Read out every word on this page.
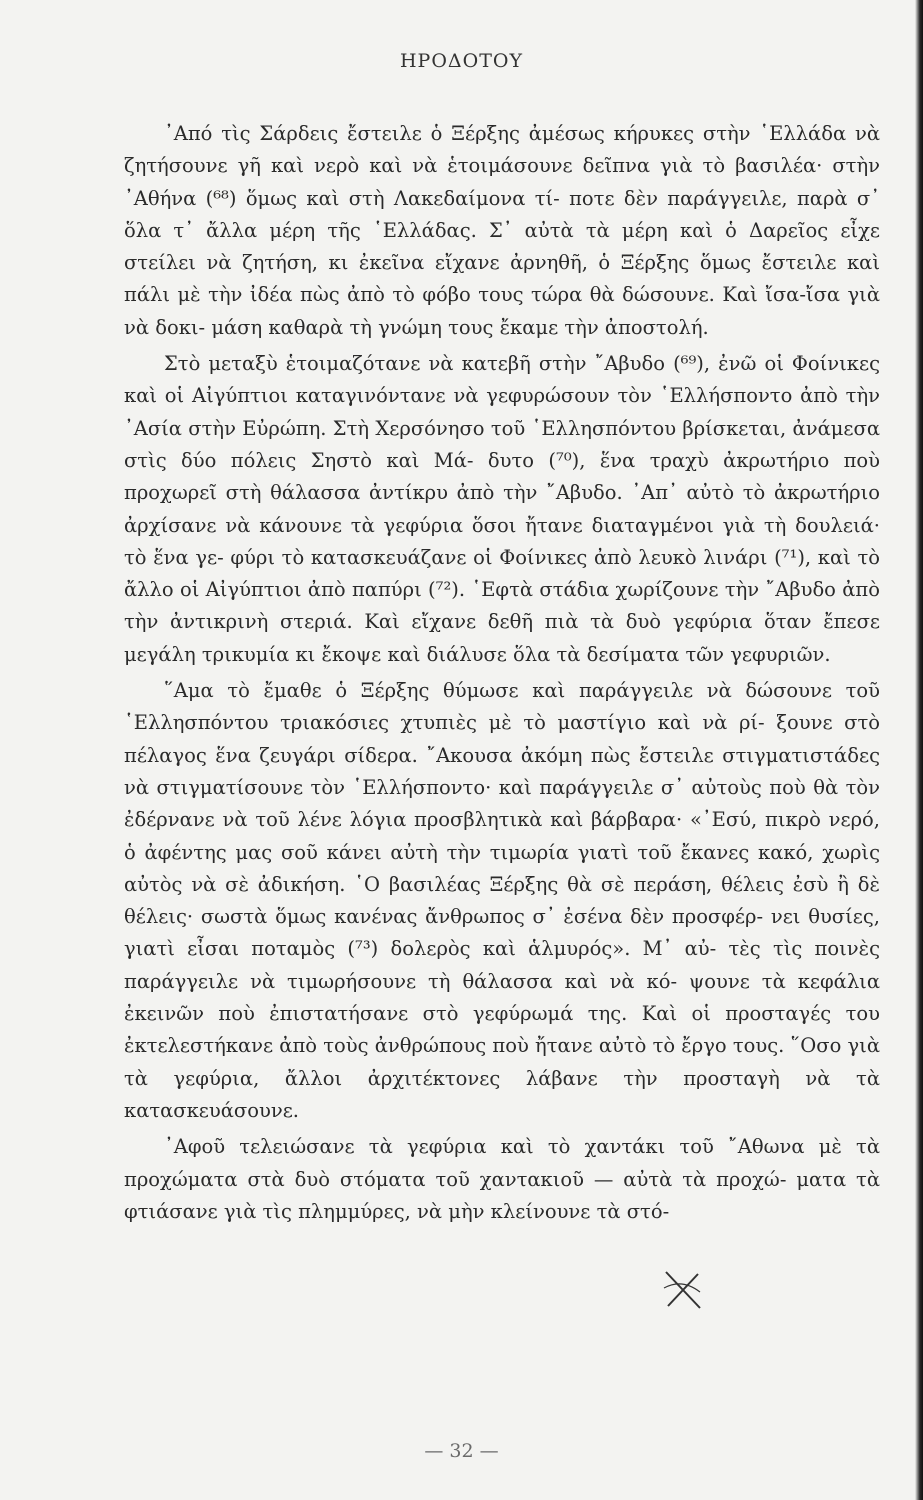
ΗΡΟΔΟΤΟΥ

᾿Από τὶς Σάρδεις ἔστειλε ὁ Ξέρξης ἀμέσως κήρυκες στὴν ῾Ελλάδα νὰ ζητήσουνε γῆ καὶ νερὸ καὶ νὰ ἑτοιμάσουνε δεῖπνα γιὰ τὸ βασιλέα· στὴν ᾿Αθήνα (⁶⁸) ὅμως καὶ στὴ Λακεδαίμονα τί- ποτε δὲν παράγγειλε, παρὰ σ᾿ ὅλα τ᾿ ἄλλα μέρη τῆς ῾Ελλάδας. Σ᾿ αὐτὰ τὰ μέρη καὶ ὁ Δαρεῖος εἶχε στείλει νὰ ζητήση, κι ἐκεῖνα εἴχανε ἀρνηθῆ, ὁ Ξέρξης ὅμως ἔστειλε καὶ πάλι μὲ τὴν ἰδέα πὼς ἀπὸ τὸ φόβο τους τώρα θὰ δώσουνε. Καὶ ἴσα-ἴσα γιὰ νὰ δοκι- μάση καθαρὰ τὴ γνώμη τους ἔκαμε τὴν ἀποστολή.

Στὸ μεταξὺ ἑτοιμαζότανε νὰ κατεβῆ στὴν ῎Αβυδο (⁶⁹), ἐνῶ οἱ Φοίνικες καὶ οἱ Αἰγύπτιοι καταγινόντανε νὰ γεφυρώσουν τὸν ῾Ελλήσποντο ἀπὸ τὴν ᾿Ασία στὴν Εὐρώπη. Στὴ Χερσόνησο τοῦ ῾Ελλησπόντου βρίσκεται, ἀνάμεσα στὶς δύο πόλεις Σηστὸ καὶ Μά- δυτο (⁷⁰), ἕνα τραχὺ ἀκρωτήριο ποὺ προχωρεῖ στὴ θάλασσα ἀντίκρυ ἀπὸ τὴν ῎Αβυδο. ᾿Απ᾿ αὐτὸ τὸ ἀκρωτήριο ἀρχίσανε νὰ κάνουνε τὰ γεφύρια ὅσοι ἤτανε διαταγμένοι γιὰ τὴ δουλειά· τὸ ἕνα γε- φύρι τὸ κατασκευάζανε οἱ Φοίνικες ἀπὸ λευκὸ λινάρι (⁷¹), καὶ τὸ ἄλλο οἱ Αἰγύπτιοι ἀπὸ παπύρι (⁷²). ῾Εφτὰ στάδια χωρίζουνε τὴν ῎Αβυδο ἀπὸ τὴν ἀντικρινὴ στεριά. Καὶ εἴχανε δεθῆ πιὰ τὰ δυὸ γεφύρια ὅταν ἔπεσε μεγάλη τρικυμία κι ἔκοψε καὶ διάλυσε ὅλα τὰ δεσίματα τῶν γεφυριῶν.

῞Αμα τὸ ἔμαθε ὁ Ξέρξης θύμωσε καὶ παράγγειλε νὰ δώσουνε τοῦ ῾Ελλησπόντου τριακόσιες χτυπιὲς μὲ τὸ μαστίγιο καὶ νὰ ρί- ξουνε στὸ πέλαγος ἕνα ζευγάρι σίδερα. ῎Ακουσα ἀκόμη πὼς ἔστειλε στιγματιστάδες νὰ στιγματίσουνε τὸν ῾Ελλήσποντο· καὶ παράγγειλε σ᾿ αὐτοὺς ποὺ θὰ τὸν ἐδέρνανε νὰ τοῦ λένε λόγια προσβλητικὰ καὶ βάρβαρα· «᾿Εσύ, πικρὸ νερό, ὁ ἀφέντης μας σοῦ κάνει αὐτὴ τὴν τιμωρία γιατὶ τοῦ ἔκανες κακό, χωρὶς αὐτὸς νὰ σὲ ἀδικήση. ῾Ο βασιλέας Ξέρξης θὰ σὲ περάση, θέλεις ἐσὺ ἢ δὲ θέλεις· σωστὰ ὅμως κανένας ἄνθρωπος σ᾿ ἐσένα δὲν προσφέρ- νει θυσίες, γιατὶ εἶσαι ποταμὸς (⁷³) δολερὸς καὶ ἁλμυρός». Μ᾿ αὐ- τὲς τὶς ποινὲς παράγγειλε νὰ τιμωρήσουνε τὴ θάλασσα καὶ νὰ κό- ψουνε τὰ κεφάλια ἐκεινῶν ποὺ ἐπιστατήσανε στὸ γεφύρωμά της. Καὶ οἱ προσταγές του ἐκτελεστήκανε ἀπὸ τοὺς ἀνθρώπους ποὺ ἤτανε αὐτὸ τὸ ἔργο τους. ῞Οσο γιὰ τὰ γεφύρια, ἄλλοι ἀρχιτέκτονες λάβανε τὴν προσταγὴ νὰ τὰ κατασκευάσουνε.

᾿Αφοῦ τελειώσανε τὰ γεφύρια καὶ τὸ χαντάκι τοῦ ῎Αθωνα μὲ τὰ προχώματα στὰ δυὸ στόματα τοῦ χαντακιοῦ — αὐτὰ τὰ προχώ- ματα τὰ φτιάσανε γιὰ τὶς πλημμύρες, νὰ μὴν κλείνουνε τὰ στό-

— 32 —
